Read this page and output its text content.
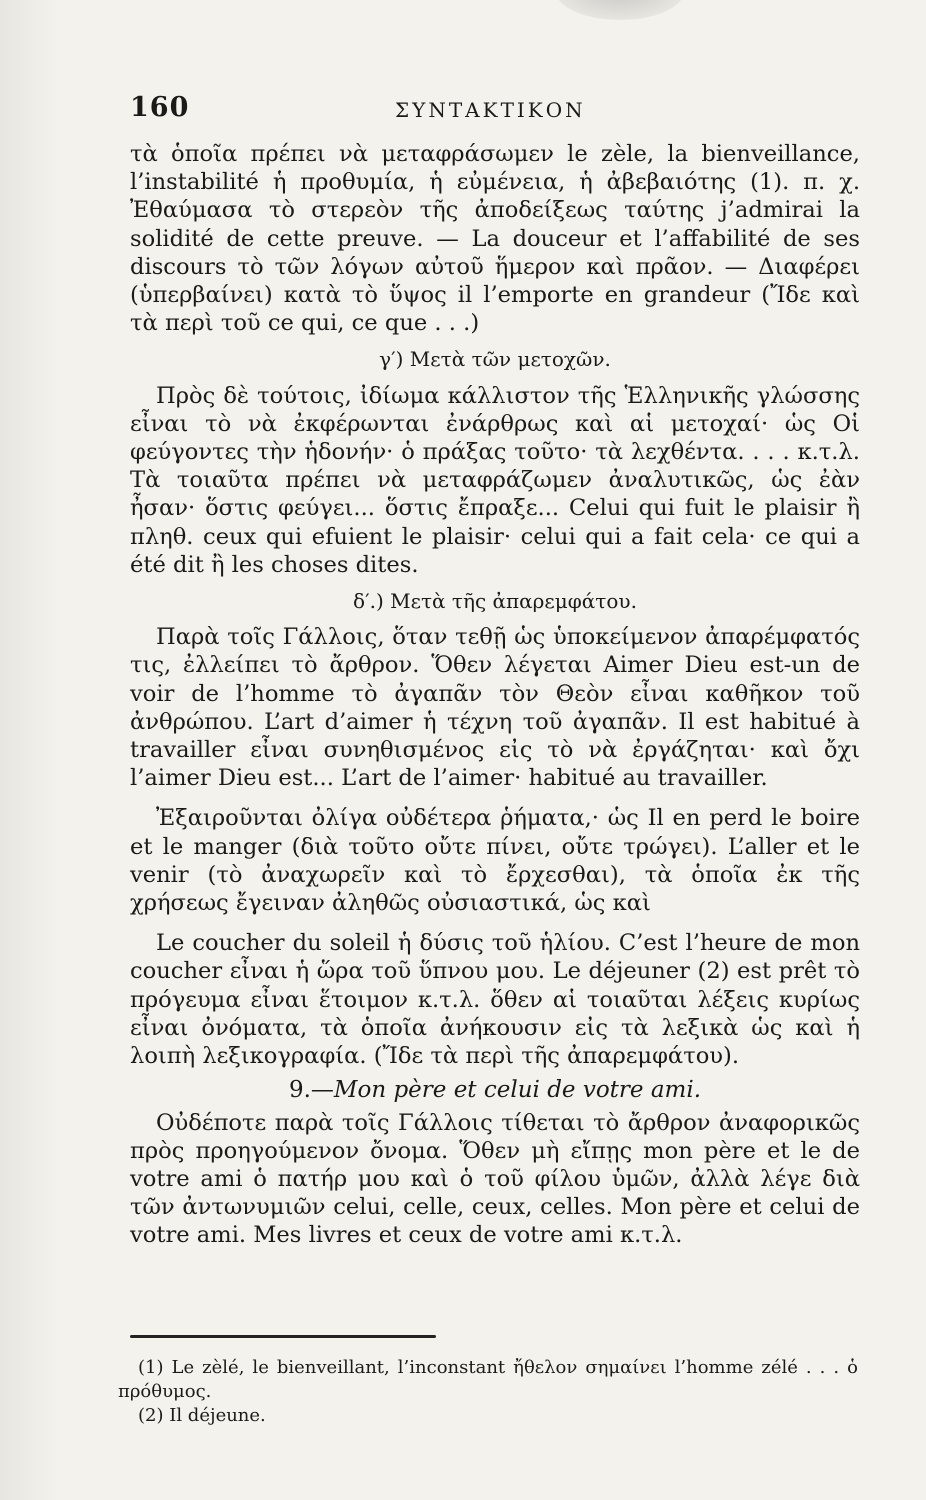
160	ΣΥΝΤΑΚΤΙΚΟΝ

τὰ ὁποῖα πρέπει νὰ μεταφράσωμεν le zèle, la bienveillance, l’instabilité ἡ προθυμία, ἡ εὐμένεια, ἡ ἀβεβαιότης (1). π. χ. Ἐθαύμασα τὸ στερεὸν τῆς ἀποδείξεως ταύτης j’admirai la solidité de cette preuve. — La douceur et l’affabilité de ses discours τὸ τῶν λόγων αὐτοῦ ἥμερον καὶ πρᾶον. — Διαφέρει (ὑπερβαίνει) κατὰ τὸ ὕψος il l’emporte en grandeur (Ἴδε καὶ τὰ περὶ τοῦ ce qui, ce que . . .)

γ′) Μετὰ τῶν μετοχῶν.

Πρὸς δὲ τούτοις, ἰδίωμα κάλλιστον τῆς Ἑλληνικῆς γλώσσης εἶναι τὸ νὰ ἐκφέρωνται ἐνάρθρως καὶ αἱ μετοχαί· ὡς Οἱ φεύγοντες τὴν ἡδονήν· ὁ πράξας τοῦτο· τὰ λεχθέντα. . . . κ.τ.λ. Τὰ τοιαῦτα πρέπει νὰ μεταφράζωμεν ἀναλυτικῶς, ὡς ἐὰν ἦσαν· ὅστις φεύγει... ὅστις ἔπραξε... Celui qui fuit le plaisir ἢ πληθ. ceux qui efuient le plaisir· celui qui a fait cela· ce qui a été dit ἢ les choses dites.

δ′.) Μετὰ τῆς ἀπαρεμφάτου.

Παρὰ τοῖς Γάλλοις, ὅταν τεθῇ ὡς ὑποκείμενον ἀπαρέμφατός τις, ἐλλείπει τὸ ἄρθρον. Ὅθεν λέγεται Aimer Dieu est-un de voir de l’homme τὸ ἀγαπᾶν τὸν Θεὸν εἶναι καθῆκον τοῦ ἀνθρώπου. L’art d’aimer ἡ τέχνη τοῦ ἀγαπᾶν. Il est habitué à travailler εἶναι συνηθισμένος εἰς τὸ νὰ ἐργάζηται· καὶ ὄχι l’aimer Dieu est... L’art de l’aimer· habitué au travailler.

Ἐξαιροῦνται ὀλίγα οὐδέτερα ῥήματα,· ὡς Il en perd le boire et le manger (διὰ τοῦτο οὔτε πίνει, οὔτε τρώγει). L’aller et le venir (τὸ ἀναχωρεῖν καὶ τὸ ἔρχεσθαι), τὰ ὁποῖα ἐκ τῆς χρήσεως ἔγειναν ἀληθῶς οὐσιαστικά, ὡς καὶ

Le coucher du soleil ἡ δύσις τοῦ ἡλίου. C’est l’heure de mon coucher εἶναι ἡ ὥρα τοῦ ὕπνου μου. Le déjeuner (2) est prêt τὸ πρόγευμα εἶναι ἕτοιμον κ.τ.λ. ὅθεν αἱ τοιαῦται λέξεις κυρίως εἶναι ὀνόματα, τὰ ὁποῖα ἀνήκουσιν εἰς τὰ λεξικὰ ὡς καὶ ἡ λοιπὴ λεξικογραφία. (Ἴδε τὰ περὶ τῆς ἀπαρεμφάτου).

9.—Mon père et celui de votre ami.

Οὐδέποτε παρὰ τοῖς Γάλλοις τίθεται τὸ ἄρθρον ἀναφορικῶς πρὸς προηγούμενον ὄνομα. Ὅθεν μὴ εἴπῃς mon père et le de votre ami ὁ πατήρ μου καὶ ὁ τοῦ φίλου ὑμῶν, ἀλλὰ λέγε διὰ τῶν ἀντωνυμιῶν celui, celle, ceux, celles. Mon père et celui de votre ami. Mes livres et ceux de votre ami κ.τ.λ.

(1) Le zèlé, le bienveillant, l’inconstant ἤθελον σημαίνει l’homme zélé . . . ὁ πρόθυμος.

(2) Il déjeune.
